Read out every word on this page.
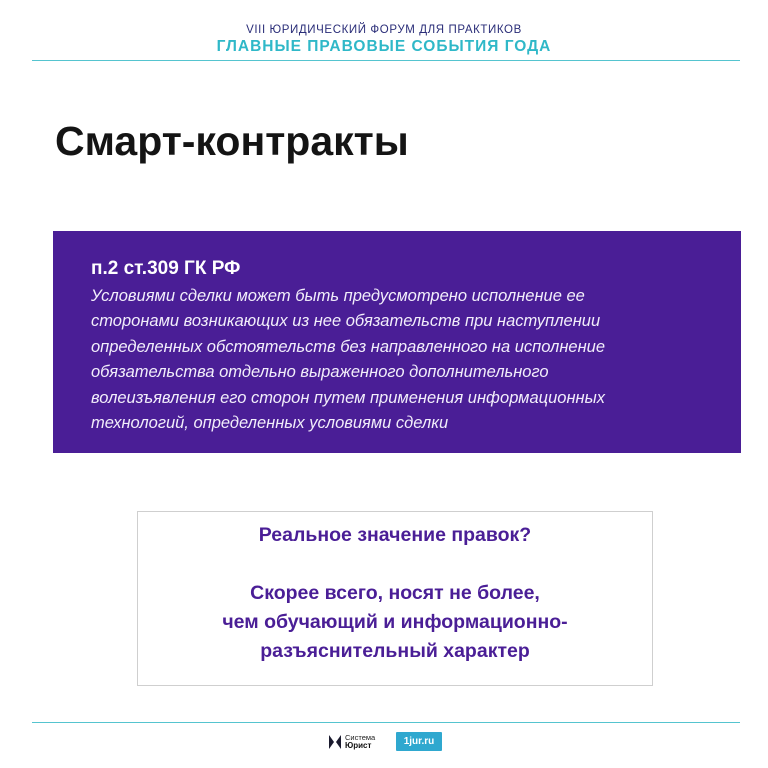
VIII ЮРИДИЧЕСКИЙ ФОРУМ ДЛЯ ПРАКТИКОВ
ГЛАВНЫЕ ПРАВОВЫЕ СОБЫТИЯ ГОДА
Смарт-контракты
п.2 ст.309 ГК РФ
Условиями сделки может быть предусмотрено исполнение ее
сторонами возникающих из нее обязательств при наступлении
определенных обстоятельств без направленного на исполнение
обязательства отдельно выраженного дополнительного
волеизъявления его сторон путем применения информационных
технологий, определенных условиями сделки
Реальное значение правок?
Скорее всего, носят не более,
чем обучающий и информационно-
разъяснительный характер
Система
Юрист	1jur.ru
